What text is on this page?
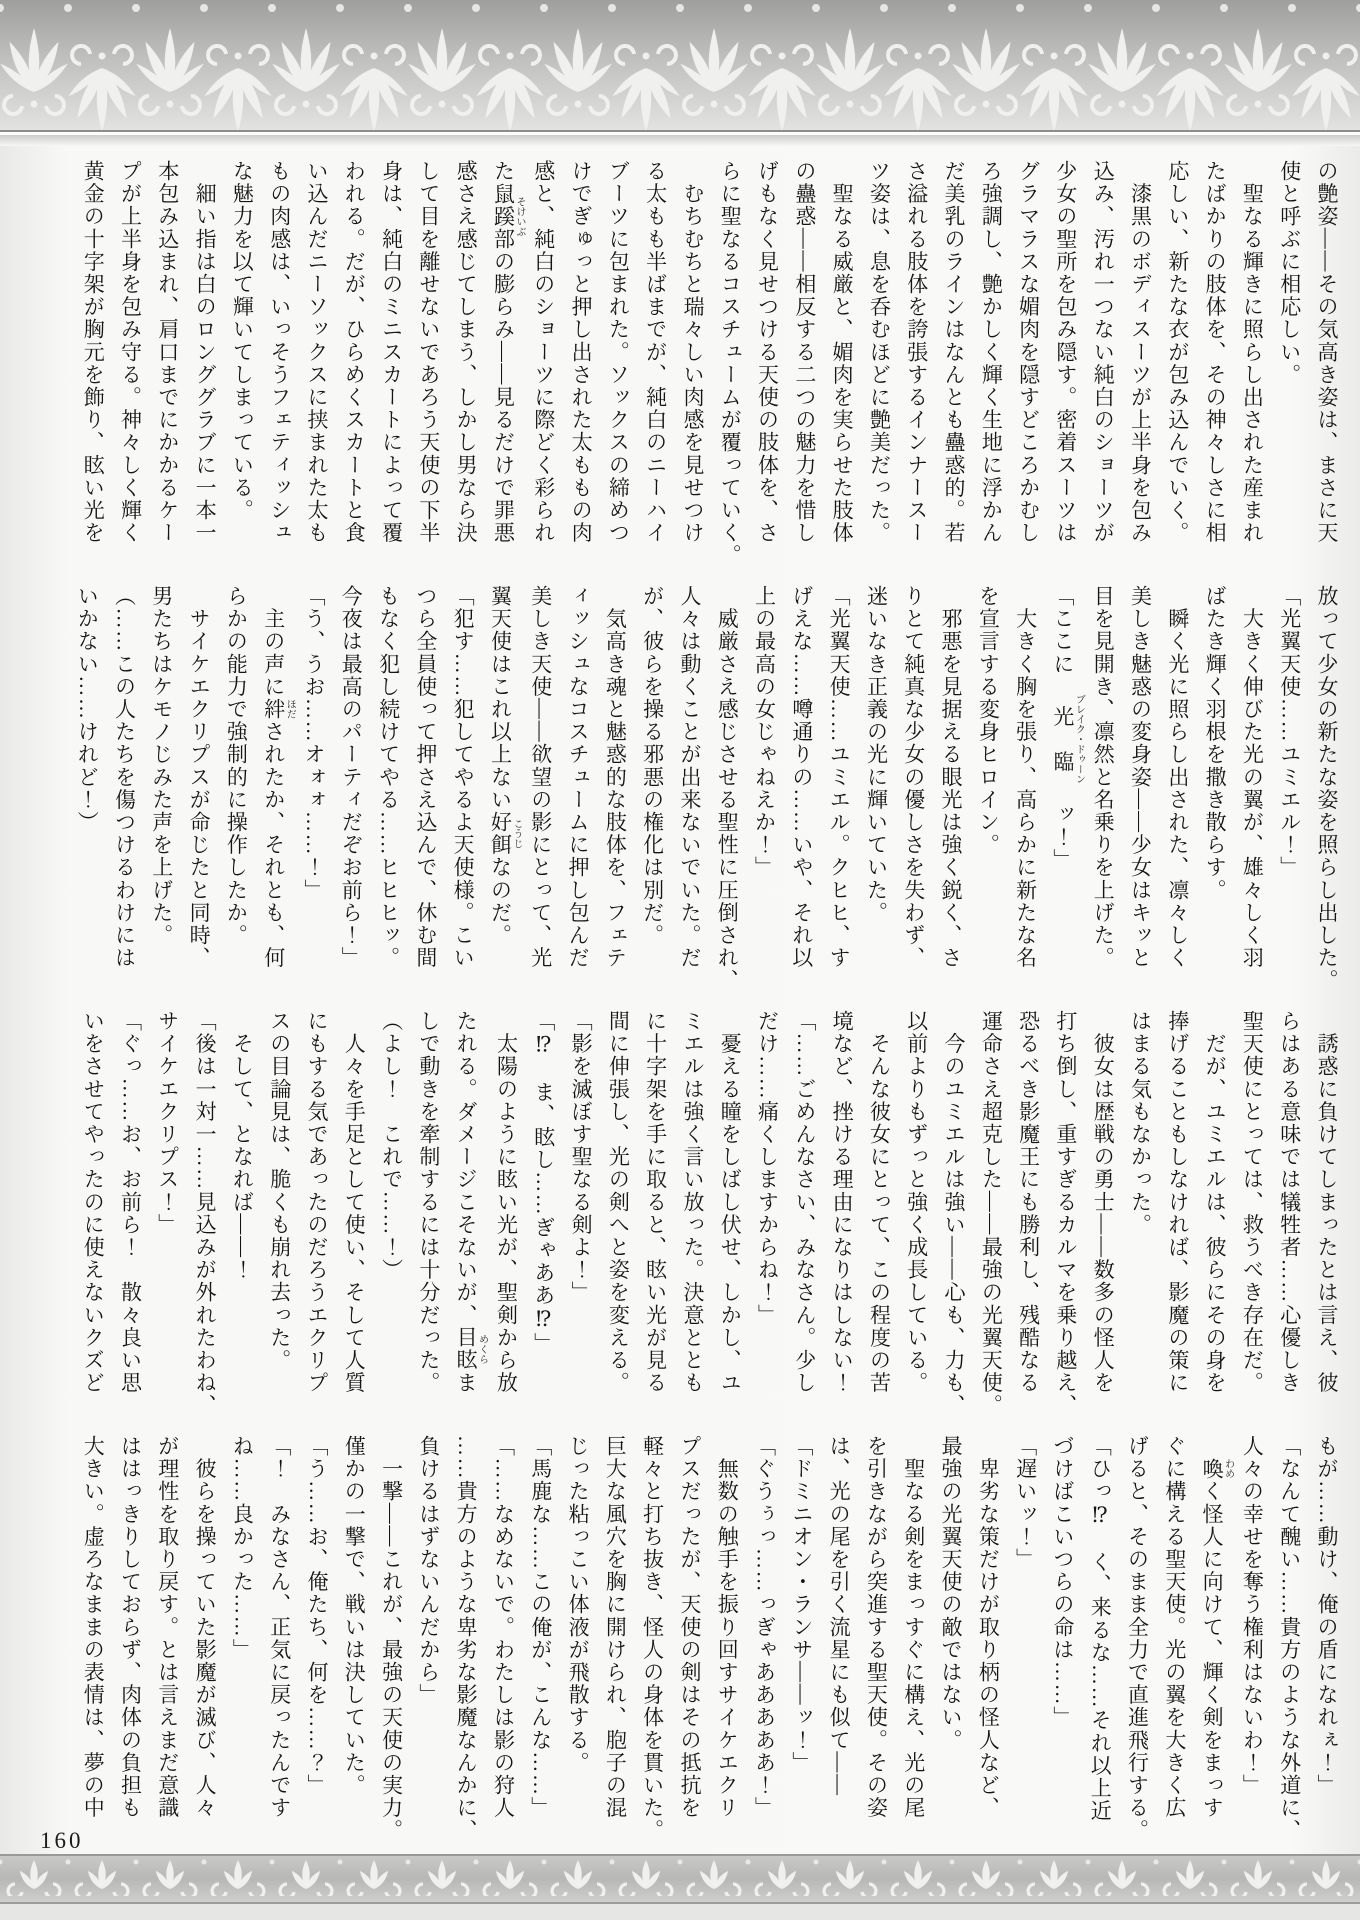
の艶姿――その気高き姿は、まさに天
使と呼ぶに相応しい。
　聖なる輝きに照らし出された産まれ
たばかりの肢体を、その神々しさに相
応しい、新たな衣が包み込んでいく。
　漆黒のボディスーツが上半身を包み
込み、汚れ一つない純白のショーツが
少女の聖所を包み隠す。密着スーツは
グラマラスな媚肉を隠すどころかむし
ろ強調し、艶かしく輝く生地に浮かん
だ美乳のラインはなんとも蠱惑的。若
さ溢れる肢体を誇張するインナースー
ツ姿は、息を呑むほどに艶美だった。
　聖なる威厳と、媚肉を実らせた肢体
の蠱惑――相反する二つの魅力を惜し
げもなく見せつける天使の肢体を、さ
らに聖なるコスチュームが覆っていく。
　むちむちと瑞々しい肉感を見せつけ
る太もも半ばまでが、純白のニーハイ
ブーツに包まれた。ソックスの締めつ
けでぎゅっと押し出された太ももの肉
感と、純白のショーツに際どく彩られ
た鼠蹊部そけいぶの膨らみ――見るだけで罪悪
感さえ感じてしまう、しかし男なら決
して目を離せないであろう天使の下半
身は、純白のミニスカートによって覆
われる。だが、ひらめくスカートと食
い込んだニーソックスに挟まれた太も
もの肉感は、いっそうフェティッシュ
な魅力を以て輝いてしまっている。
　細い指は白のロンググラブに一本一
本包み込まれ、肩口までにかかるケー
プが上半身を包み守る。神々しく輝く
黄金の十字架が胸元を飾り、眩い光を
放って少女の新たな姿を照らし出した。
「光翼天使……ユミエル！」
　大きく伸びた光の翼が、雄々しく羽
ばたき輝く羽根を撒き散らす。
　瞬く光に照らし出された、凛々しく
美しき魅惑の変身姿――少女はキッと
目を見開き、凛然と名乗りを上げた。
「ここに　光　臨ブレイク・ドゥーン　ッ！」
　大きく胸を張り、高らかに新たな名
を宣言する変身ヒロイン。
　邪悪を見据える眼光は強く鋭く、さ
りとて純真な少女の優しさを失わず、
迷いなき正義の光に輝いていた。
「光翼天使……ユミエル。クヒヒ、す
げえな……噂通りの……いや、それ以
上の最高の女じゃねえか！」
　威厳さえ感じさせる聖性に圧倒され、
人々は動くことが出来ないでいた。だ
が、彼らを操る邪悪の権化は別だ。
　気高き魂と魅惑的な肢体を、フェテ
ィッシュなコスチュームに押し包んだ
美しき天使――欲望の影にとって、光
翼天使はこれ以上ない好餌こうじなのだ。
「犯す……犯してやるよ天使様。こい
つら全員使って押さえ込んで、休む間
もなく犯し続けてやる……ヒヒヒッ。
今夜は最高のパーティだぞお前ら！」
「う、うお……オォォ……！」
　主の声に絆ほだされたか、それとも、何
らかの能力で強制的に操作したか。
　サイケエクリプスが命じたと同時、
男たちはケモノじみた声を上げた。
（……この人たちを傷つけるわけには
いかない……けれど！）
　誘惑に負けてしまったとは言え、彼
らはある意味では犠牲者……心優しき
聖天使にとっては、救うべき存在だ。
　だが、ユミエルは、彼らにその身を
捧げることもしなければ、影魔の策に
はまる気もなかった。
　彼女は歴戦の勇士――数多の怪人を
打ち倒し、重すぎるカルマを乗り越え、
恐るべき影魔王にも勝利し、残酷なる
運命さえ超克した――最強の光翼天使。
　今のユミエルは強い――心も、力も、
以前よりもずっと強く成長している。
　そんな彼女にとって、この程度の苦
境など、挫ける理由になりはしない！
「……ごめんなさい、みなさん。少し
だけ……痛くしますからね！」
　憂える瞳をしばし伏せ、しかし、ユ
ミエルは強く言い放った。決意ととも
に十字架を手に取ると、眩い光が見る
間に伸張し、光の剣へと姿を変える。
「影を滅ぼす聖なる剣よ！」
「⁉　ま、眩し……ぎゃああ⁉」
　太陽のように眩い光が、聖剣から放
たれる。ダメージこそないが、目眩めくらま
しで動きを牽制するには十分だった。
（よし！　これで……！）
　人々を手足として使い、そして人質
にもする気であったのだろうエクリプ
スの目論見は、脆くも崩れ去った。
　そして、となれば――！
「後は一対一……見込みが外れたわね、
サイケエクリプス！」
「ぐっ……お、お前ら！　散々良い思
いをさせてやったのに使えないクズど
もが……動け、俺の盾になれぇ！」
「なんて醜い……貴方のような外道に、
人々の幸せを奪う権利はないわ！」
　喚わめく怪人に向けて、輝く剣をまっす
ぐに構える聖天使。光の翼を大きく広
げると、そのまま全力で直進飛行する。
「ひっ⁉　く、来るな……それ以上近
づけばこいつらの命は……」
「遅いッ！」
　卑劣な策だけが取り柄の怪人など、
最強の光翼天使の敵ではない。
　聖なる剣をまっすぐに構え、光の尾
を引きながら突進する聖天使。その姿
は、光の尾を引く流星にも似て――
「ドミニオン・ランサ――ッ！」
「ぐうぅっ……っぎゃあああああ！」
　無数の触手を振り回すサイケエクリ
プスだったが、天使の剣はその抵抗を
軽々と打ち抜き、怪人の身体を貫いた。
巨大な風穴を胸に開けられ、胞子の混
じった粘っこい体液が飛散する。
「馬鹿な……この俺が、こんな……」
「……なめないで。わたしは影の狩人
……貴方のような卑劣な影魔なんかに、
負けるはずないんだから」
　一撃――これが、最強の天使の実力。
僅かの一撃で、戦いは決していた。
「う……お、俺たち、何を……？」
「！　みなさん、正気に戻ったんです
ね……良かった……」
　彼らを操っていた影魔が滅び、人々
が理性を取り戻す。とは言えまだ意識
ははっきりしておらず、肉体の負担も
大きい。虚ろなままの表情は、夢の中
160
